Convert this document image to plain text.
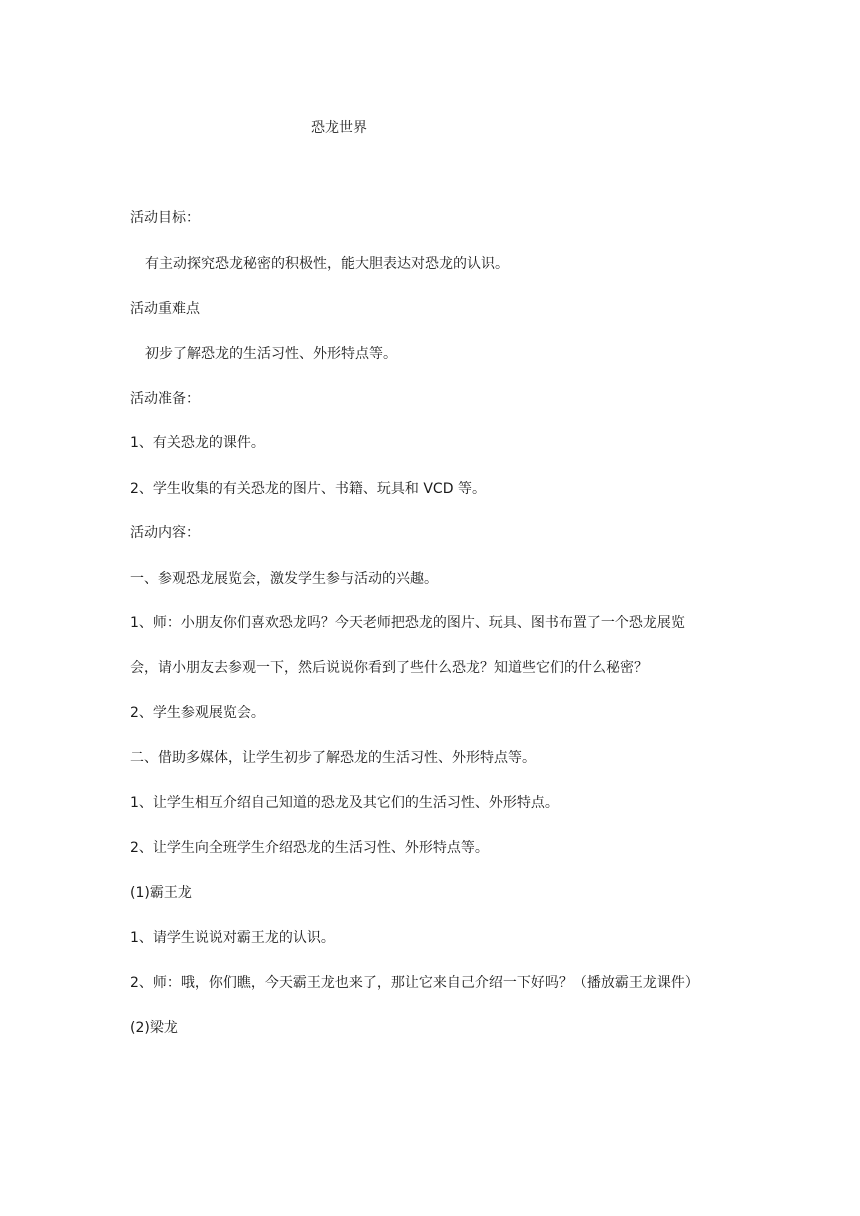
恐龙世界
活动目标：
有主动探究恐龙秘密的积极性，能大胆表达对恐龙的认识。
活动重难点
初步了解恐龙的生活习性、外形特点等。
活动准备：
1、有关恐龙的课件。
2、学生收集的有关恐龙的图片、书籍、玩具和 VCD 等。
活动内容：
一、参观恐龙展览会，激发学生参与活动的兴趣。
1、师：小朋友你们喜欢恐龙吗？今天老师把恐龙的图片、玩具、图书布置了一个恐龙展览
会，请小朋友去参观一下，然后说说你看到了些什么恐龙？知道些它们的什么秘密？
2、学生参观展览会。
二、借助多媒体，让学生初步了解恐龙的生活习性、外形特点等。
1、让学生相互介绍自己知道的恐龙及其它们的生活习性、外形特点。
2、让学生向全班学生介绍恐龙的生活习性、外形特点等。
(1)霸王龙
1、请学生说说对霸王龙的认识。
2、师：哦，你们瞧，今天霸王龙也来了，那让它来自己介绍一下好吗？（播放霸王龙课件）
(2)梁龙
